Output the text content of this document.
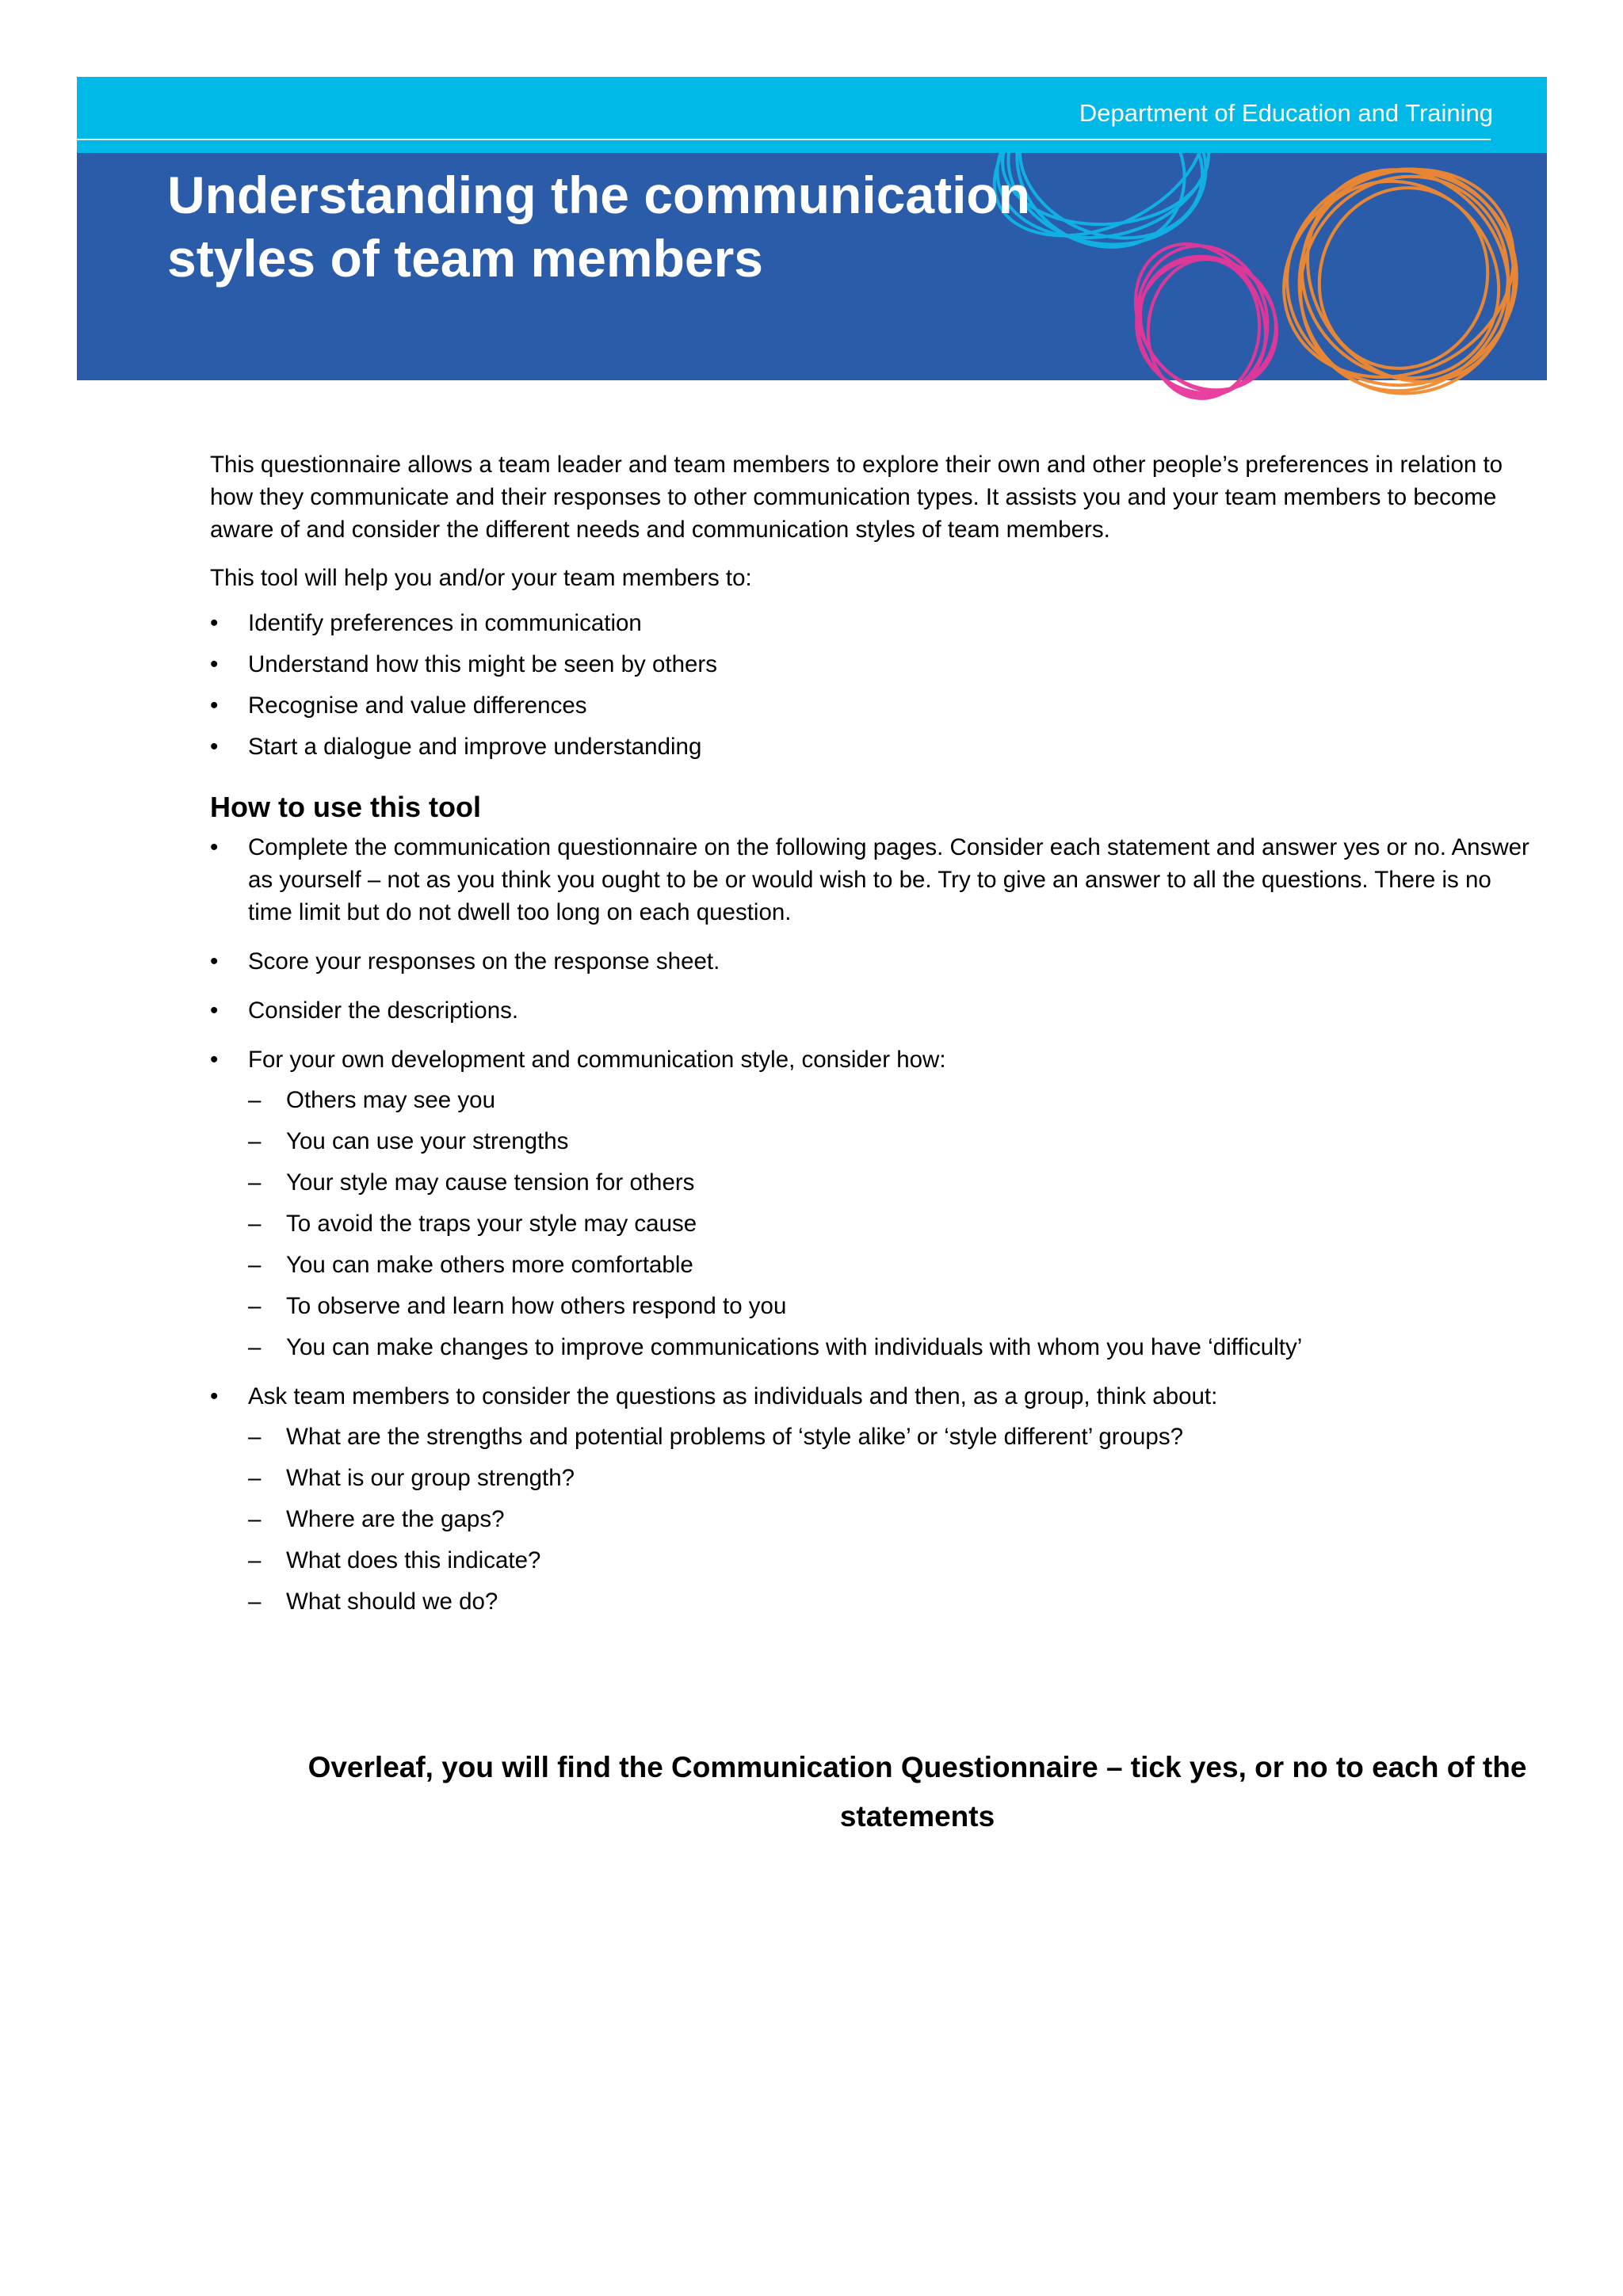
Department of Education and Training
Understanding the communication
styles of team members

This questionnaire allows a team leader and team members to explore their own and other people’s preferences in relation to how they communicate and their responses to other communication types. It assists you and your team members to become aware of and consider the different needs and communication styles of team members.

This tool will help you and/or your team members to:

• Identify preferences in communication
• Understand how this might be seen by others
• Recognise and value differences
• Start a dialogue and improve understanding
How to use this tool
• Complete the communication questionnaire on the following pages. Consider each statement and answer yes or no. Answer as yourself – not as you think you ought to be or would wish to be. Try to give an answer to all the questions. There is no time limit but do not dwell too long on each question.
• Score your responses on the response sheet.
• Consider the descriptions.
• For your own development and communication style, consider how:
– Others may see you
– You can use your strengths
– Your style may cause tension for others
– To avoid the traps your style may cause
– You can make others more comfortable
– To observe and learn how others respond to you
– You can make changes to improve communications with individuals with whom you have ‘difficulty’
• Ask team members to consider the questions as individuals and then, as a group, think about:
– What are the strengths and potential problems of ‘style alike’ or ‘style different’ groups?
– What is our group strength?
– Where are the gaps?
– What does this indicate?
– What should we do?

Overleaf, you will find the Communication Questionnaire – tick yes, or no to each of the
statements
